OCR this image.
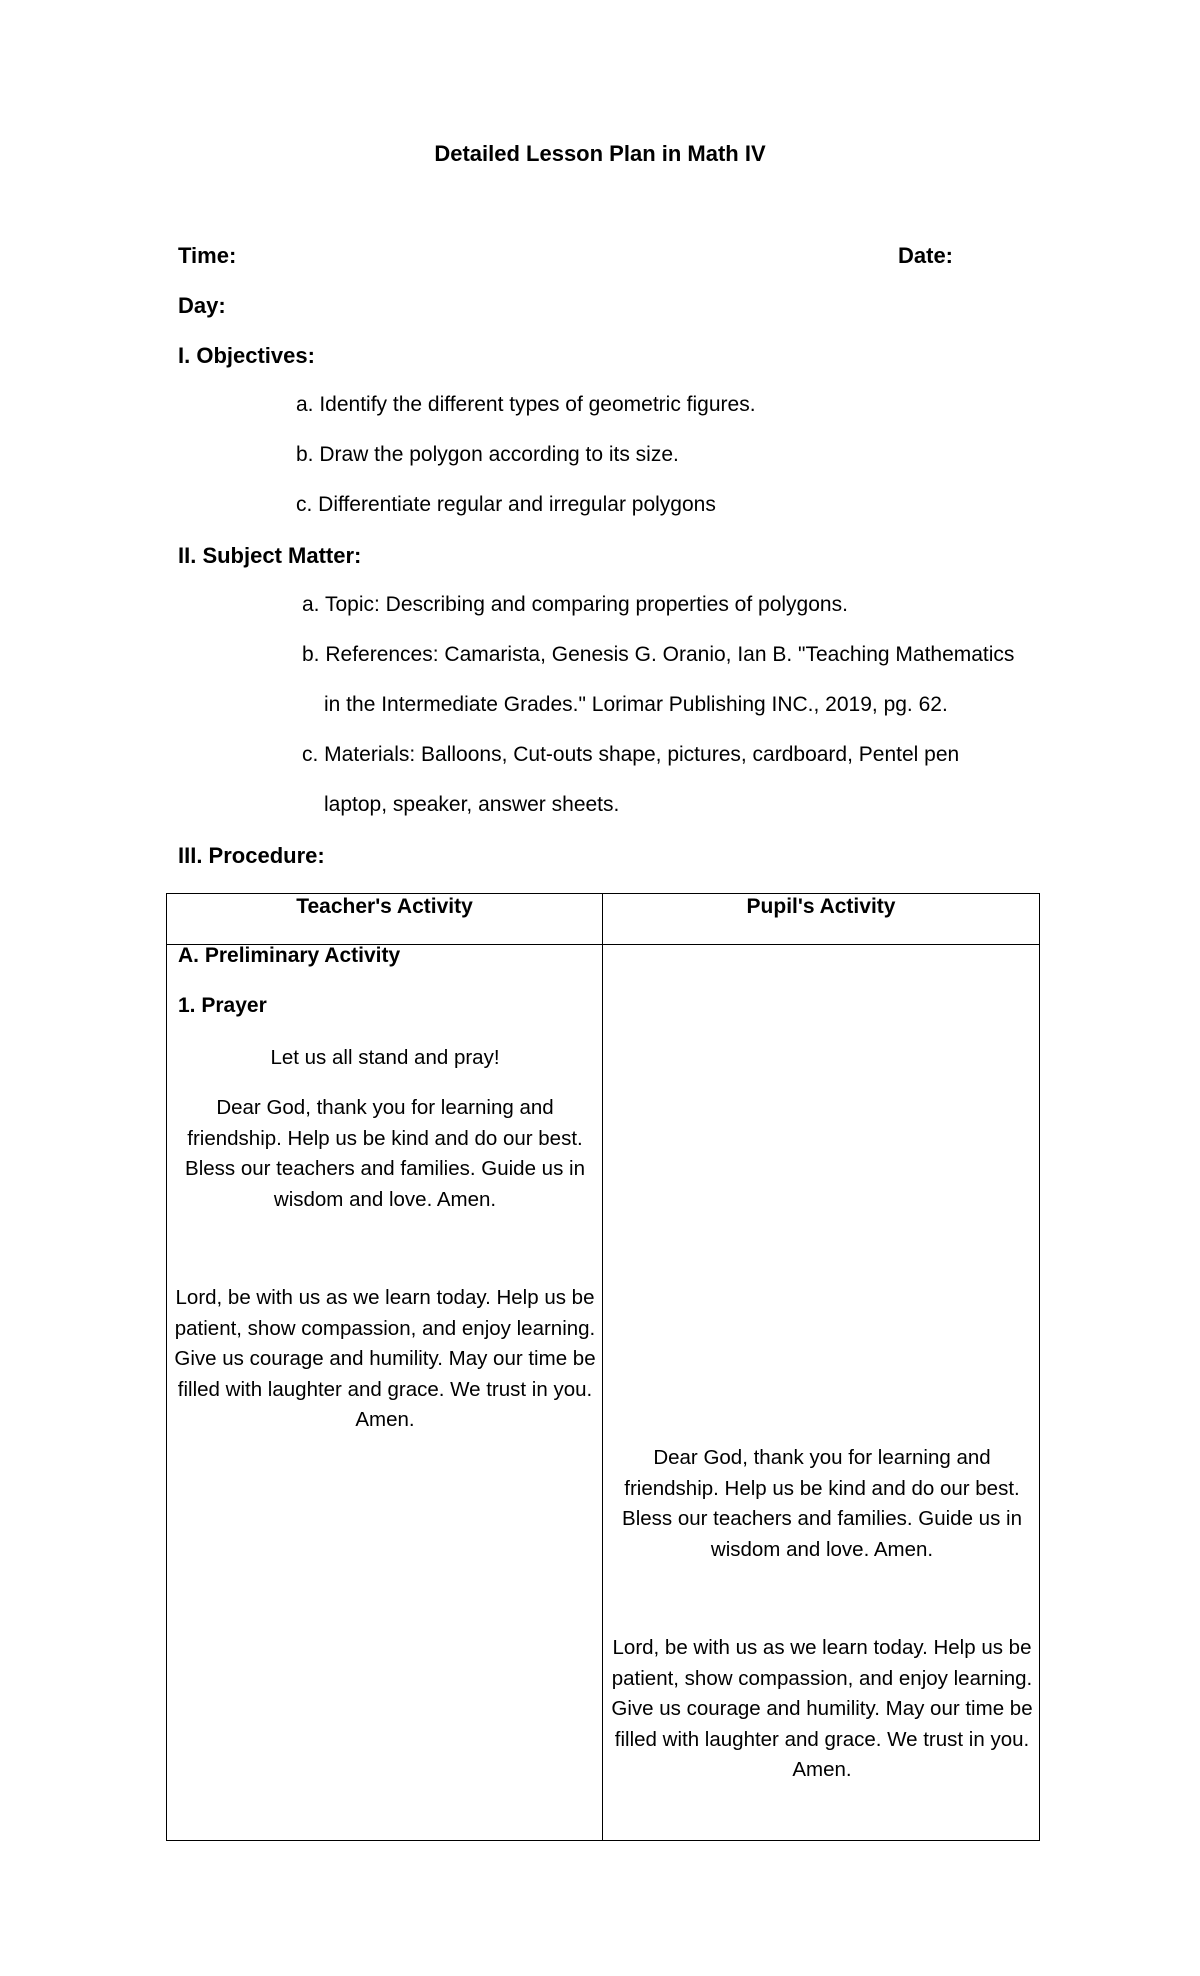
Detailed Lesson Plan in Math IV
Time:	Date:
Day:
I. Objectives:
a. Identify the different types of geometric figures.
b. Draw the polygon according to its size.
c. Differentiate regular and irregular polygons
II. Subject Matter:
a. Topic: Describing and comparing properties of polygons.
b. References: Camarista, Genesis G. Oranio, Ian B. "Teaching Mathematics
in the Intermediate Grades." Lorimar Publishing INC., 2019, pg. 62.
c. Materials: Balloons, Cut-outs shape, pictures, cardboard, Pentel pen
laptop, speaker, answer sheets.
III. Procedure:
Teacher's Activity	Pupil's Activity
A. Preliminary Activity
1. Prayer
Let us all stand and pray!
Dear God, thank you for learning and friendship. Help us be kind and do our best. Bless our teachers and families. Guide us in wisdom and love. Amen.
Lord, be with us as we learn today. Help us be patient, show compassion, and enjoy learning. Give us courage and humility. May our time be filled with laughter and grace. We trust in you. Amen.
Dear God, thank you for learning and friendship. Help us be kind and do our best. Bless our teachers and families. Guide us in wisdom and love. Amen.
Lord, be with us as we learn today. Help us be patient, show compassion, and enjoy learning. Give us courage and humility. May our time be filled with laughter and grace. We trust in you. Amen.
